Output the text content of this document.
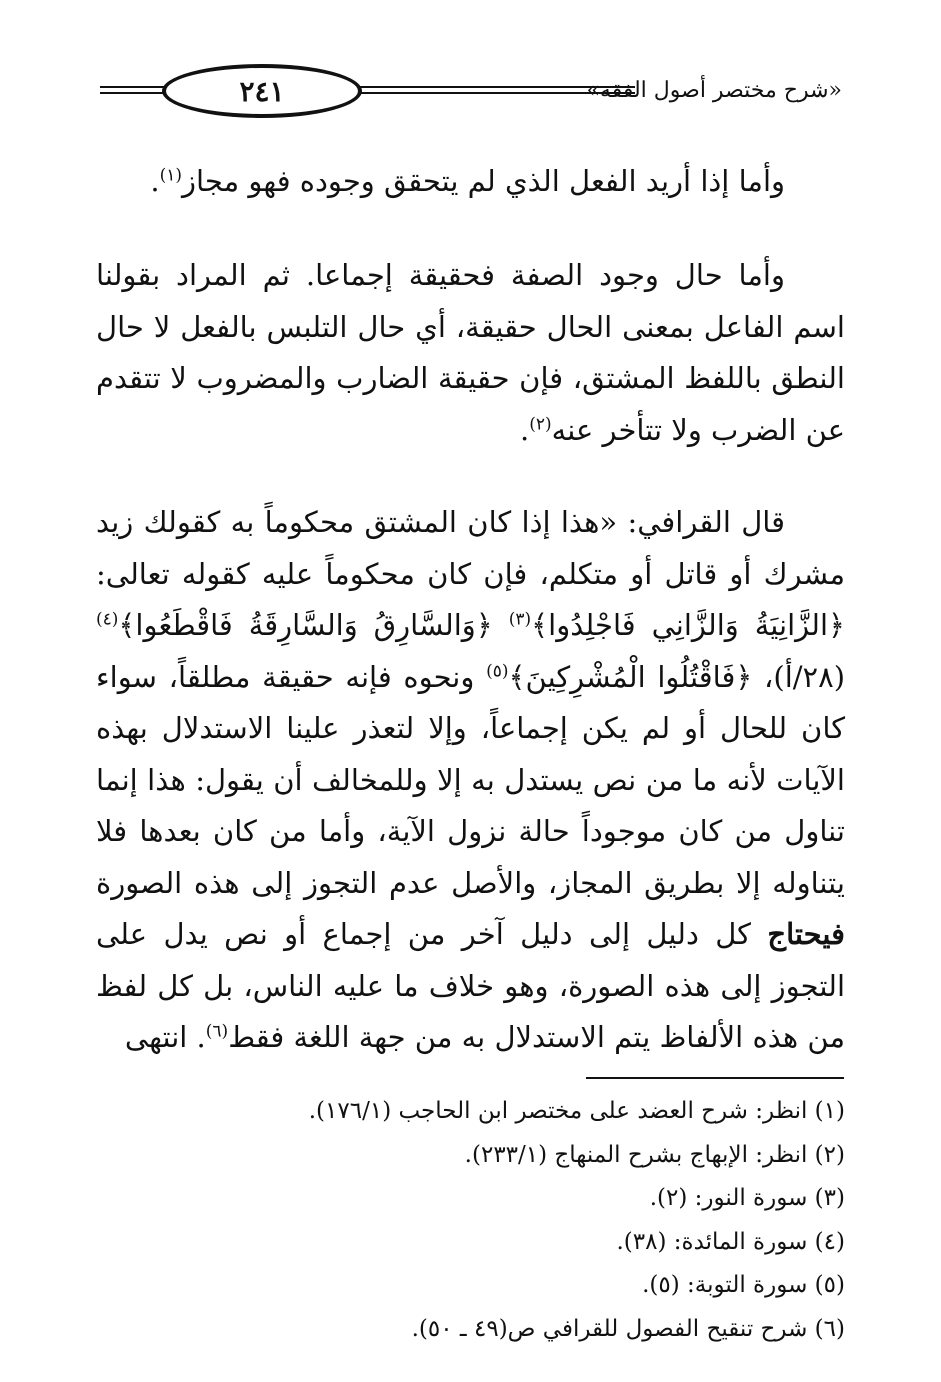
٢٤١	«شرح مختصر أصول الفقه»

وأما إذا أريد الفعل الذي لم يتحقق وجوده فهو مجاز$^{(١)}$.

وأما حال وجود الصفة فحقيقة إجماعا. ثم المراد بقولنا اسم الفاعل بمعنى الحال حقيقة، أي حال التلبس بالفعل لا حال النطق باللفظ المشتق، فإن حقيقة الضارب والمضروب لا تتقدم عن الضرب ولا تتأخر عنه$^{(٢)}$.

قال القرافي: «هذا إذا كان المشتق محكوماً به كقولك زيد مشرك أو قاتل أو متكلم، فإن كان محكوماً عليه كقوله تعالى: ﴿الزَّانِيَةُ وَالزَّانِي فَاجْلِدُوا﴾$^{(٣)}$ ﴿وَالسَّارِقُ وَالسَّارِقَةُ فَاقْطَعُوا﴾$^{(٤)}$ (٢٨/أ)، ﴿فَاقْتُلُوا الْمُشْرِكِينَ﴾$^{(٥)}$ ونحوه فإنه حقيقة مطلقاً، سواء كان للحال أو لم يكن إجماعاً، وإلا لتعذر علينا الاستدلال بهذه الآيات لأنه ما من نص يستدل به إلا وللمخالف أن يقول: هذا إنما تناول من كان موجوداً حالة نزول الآية، وأما من كان بعدها فلا يتناوله إلا بطريق المجاز، والأصل عدم التجوز إلى هذه الصورة فيحتاج كل دليل إلى دليل آخر من إجماع أو نص يدل على التجوز إلى هذه الصورة، وهو خلاف ما عليه الناس، بل كل لفظ من هذه الألفاظ يتم الاستدلال به من جهة اللغة فقط$^{(٦)}$. انتهى

(١) انظر: شرح العضد على مختصر ابن الحاجب (١٧٦/١).
(٢) انظر: الإبهاج بشرح المنهاج (٢٣٣/١).
(٣) سورة النور: (٢).
(٤) سورة المائدة: (٣٨).
(٥) سورة التوبة: (٥).
(٦) شرح تنقيح الفصول للقرافي ص(٤٩ ـ ٥٠).
